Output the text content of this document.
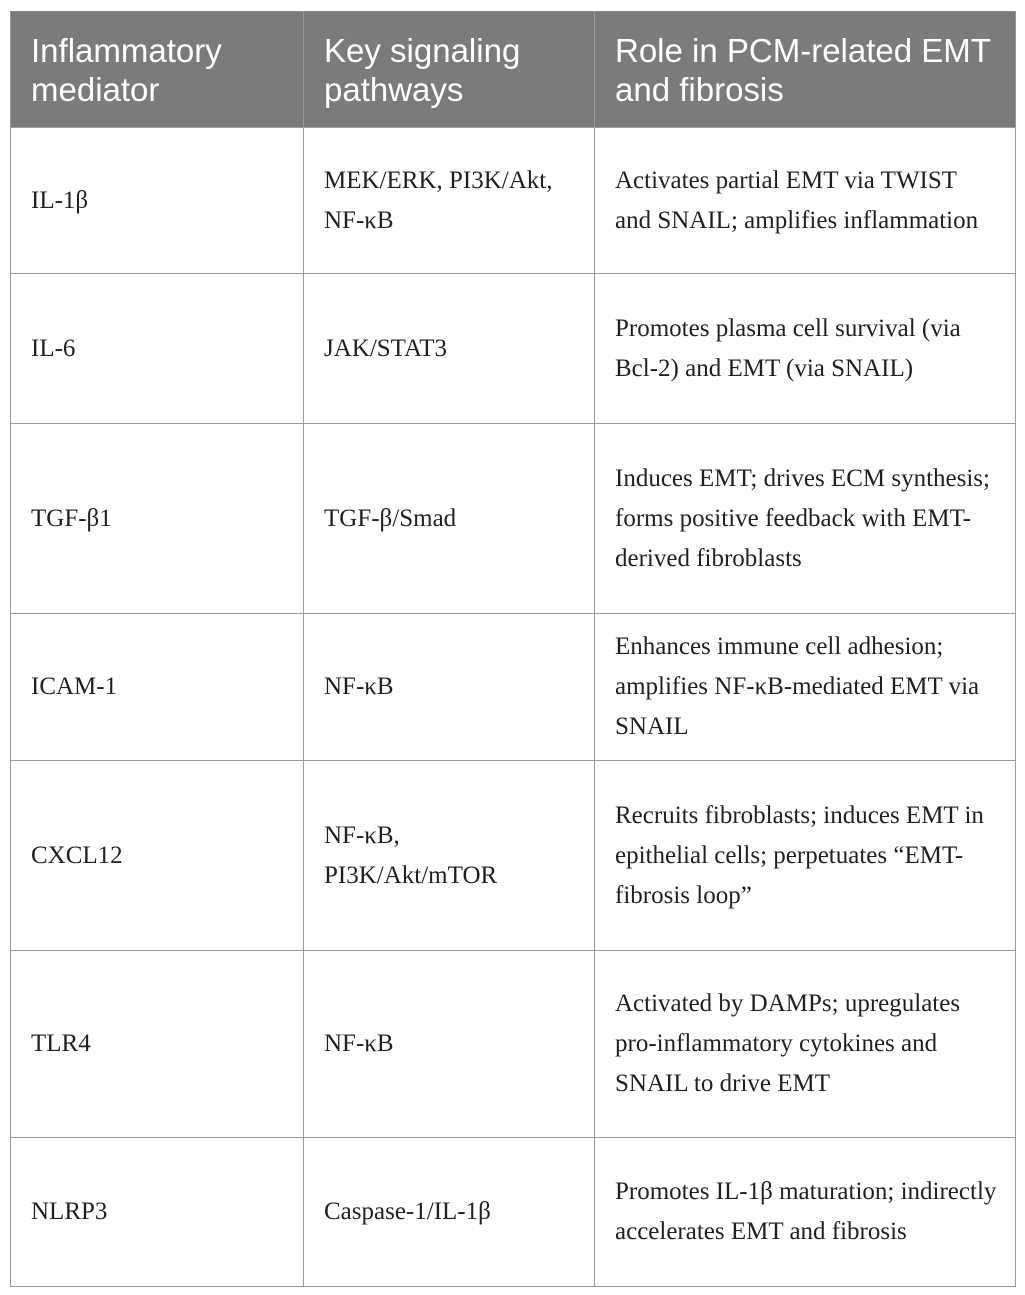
Inflammatory mediator	Key signaling pathways	Role in PCM-related EMT and fibrosis
IL-1β	MEK/ERK, PI3K/Akt, NF-κB	Activates partial EMT via TWIST and SNAIL; amplifies inflammation
IL-6	JAK/STAT3	Promotes plasma cell survival (via Bcl-2) and EMT (via SNAIL)
TGF-β1	TGF-β/Smad	Induces EMT; drives ECM synthesis; forms positive feedback with EMT-derived fibroblasts
ICAM-1	NF-κB	Enhances immune cell adhesion; amplifies NF-κB-mediated EMT via SNAIL
CXCL12	NF-κB, PI3K/Akt/mTOR	Recruits fibroblasts; induces EMT in epithelial cells; perpetuates “EMT-fibrosis loop”
TLR4	NF-κB	Activated by DAMPs; upregulates pro-inflammatory cytokines and SNAIL to drive EMT
NLRP3	Caspase-1/IL-1β	Promotes IL-1β maturation; indirectly accelerates EMT and fibrosis
